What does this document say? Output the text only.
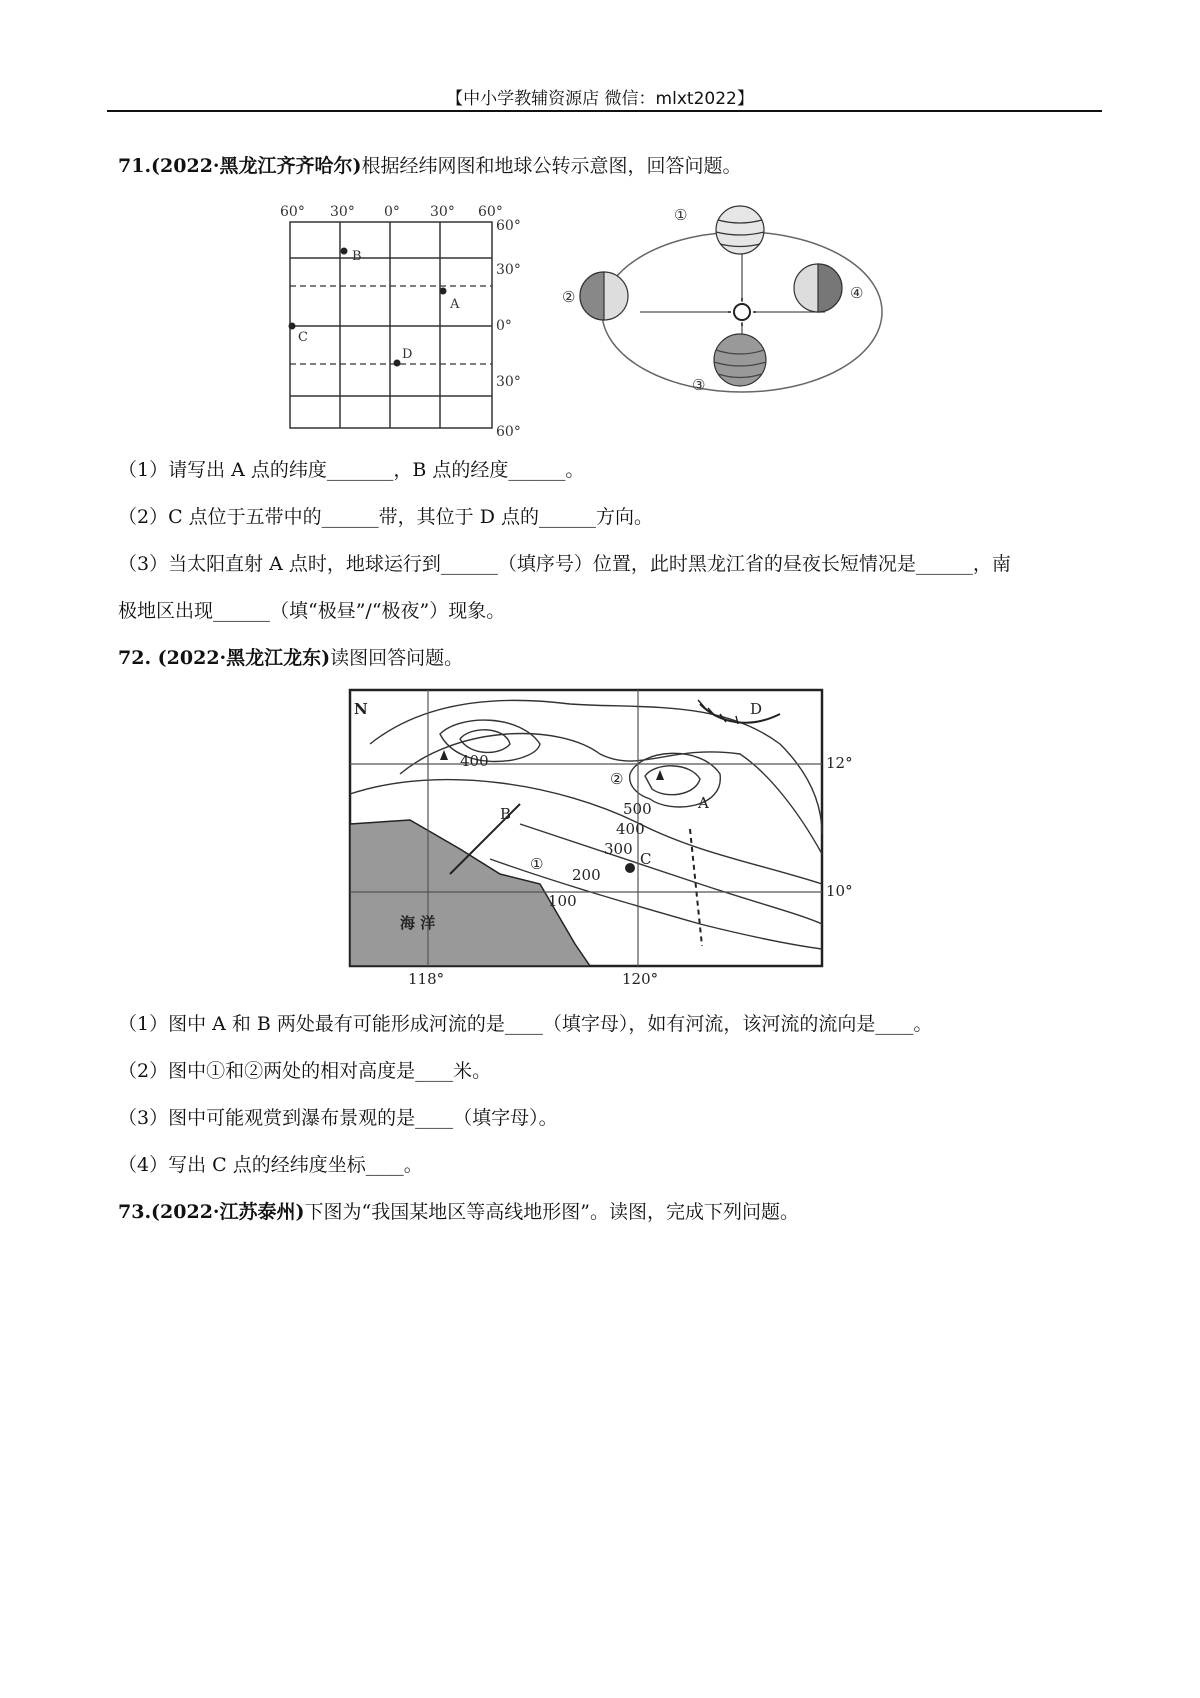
【中小学教辅资源店 微信：mlxt2022】
71.(2022·黑龙江齐齐哈尔)根据经纬网图和地球公转示意图，回答问题。
60° 30° 0° 30° 60°
60°
30°
0°
30°
60°
A
B
C
D
①
②
③
④
（1）请写出 A 点的纬度_______，B 点的经度______。
（2）C 点位于五带中的______带，其位于 D 点的______方向。
（3）当太阳直射 A 点时，地球运行到______（填序号）位置，此时黑龙江省的昼夜长短情况是______，南
极地区出现______（填“极昼”/“极夜”）现象。
72. (2022·黑龙江龙东)读图回答问题。
N
400
500
400
300
200
100
A
B
C
D
①
②
海 洋
118°	120°
12°
10°
（1）图中 A 和 B 两处最有可能形成河流的是____（填字母），如有河流，该河流的流向是____。
（2）图中①和②两处的相对高度是____米。
（3）图中可能观赏到瀑布景观的是____（填字母）。
（4）写出 C 点的经纬度坐标____。
73.(2022·江苏泰州)下图为“我国某地区等高线地形图”。读图，完成下列问题。
